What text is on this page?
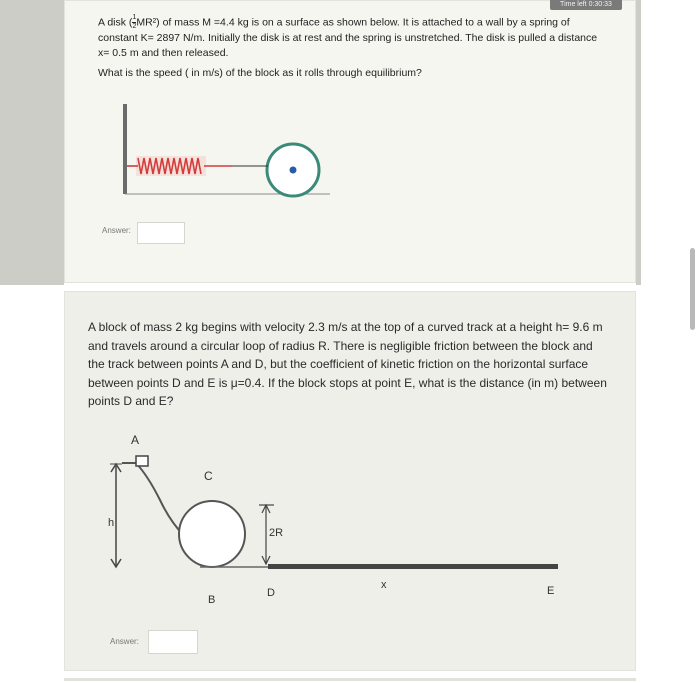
Time left 0:30:33

A disk ( $\frac{1}{2} MR^2$) of mass M =4.4 kg is on a surface as shown below. It is attached to a wall by a spring of constant K= 2897 N/m. Initially the disk is at rest and the spring is unstretched. The disk is pulled a distance x= 0.5 m and then released.

What is the speed ( in m/s) of the block as it rolls through equilibrium?

Answer:
A block of mass 2 kg begins with velocity 2.3 m/s at the top of a curved track at a height h= 9.6 m and travels around a circular loop of radius R. There is negligible friction between the block and the track between points A and D, but the coefficient of kinetic friction on the horizontal surface between points D and E is μ=0.4. If the block stops at point E, what is the distance (in m) between points D and E?
A
h
C
2R
B
D
x	E
Answer:
